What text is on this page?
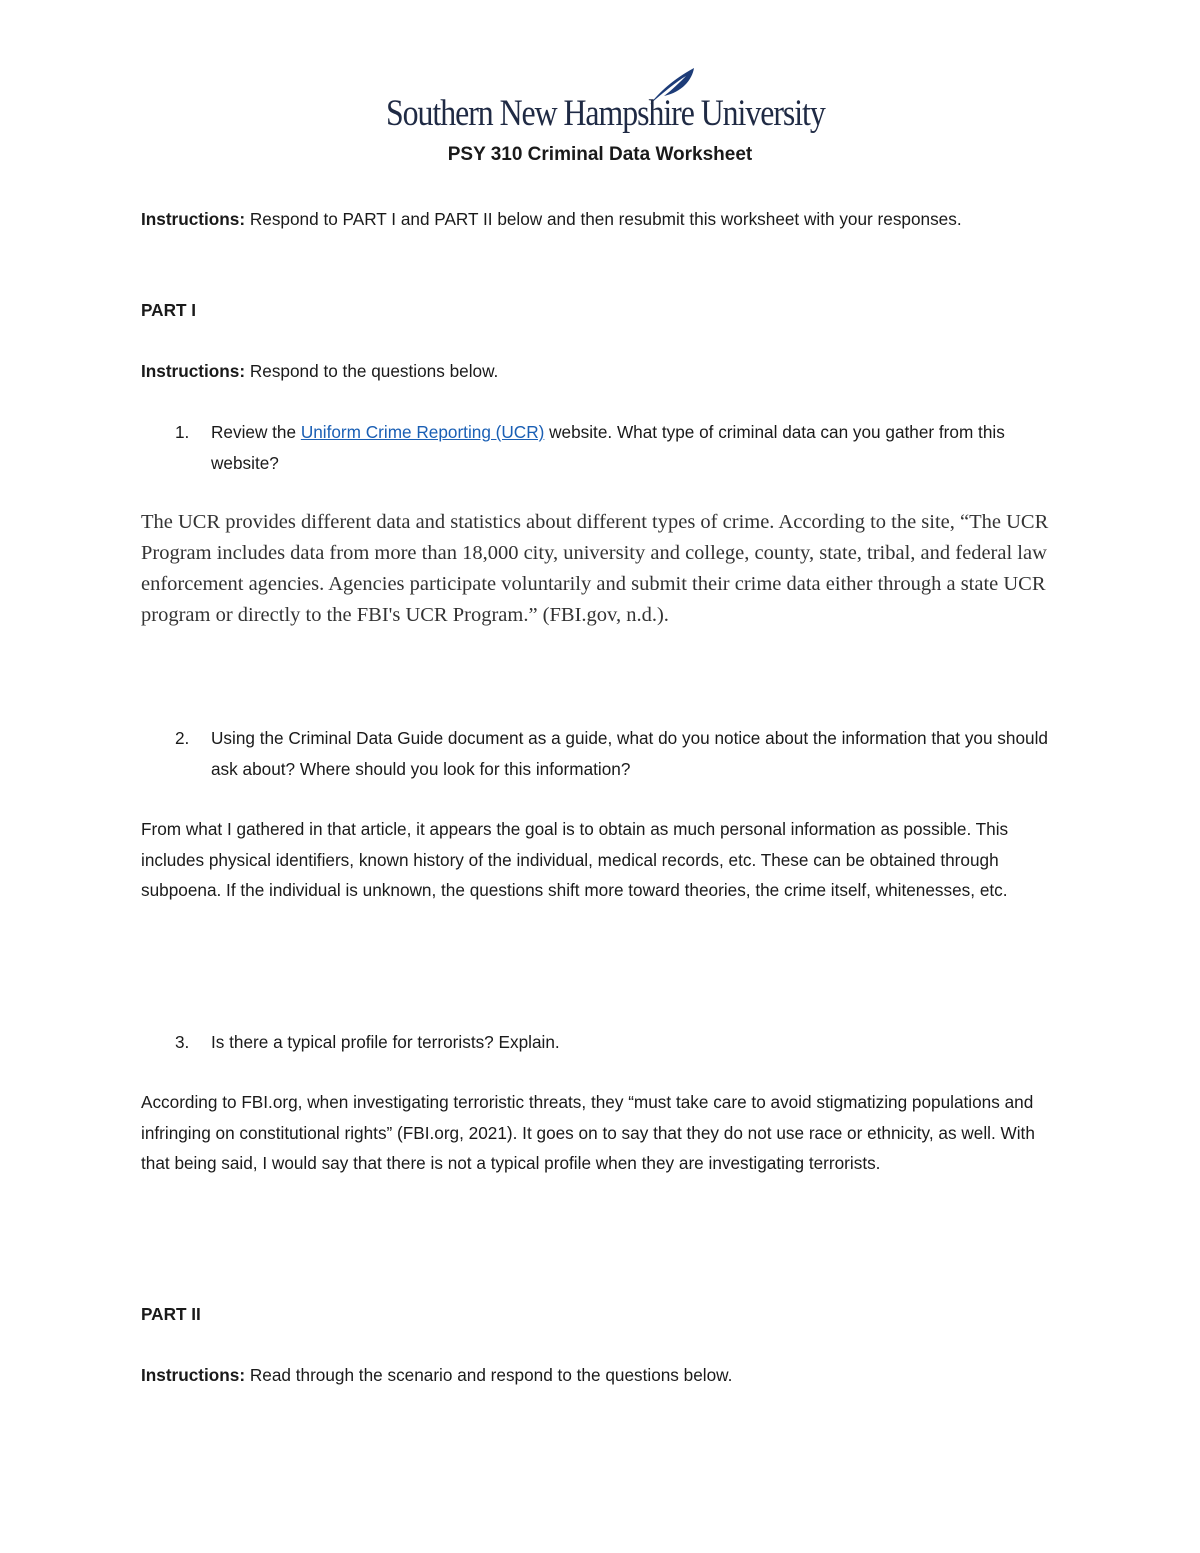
Southern New Hampshire University
PSY 310 Criminal Data Worksheet
Instructions: Respond to PART I and PART II below and then resubmit this worksheet with your responses.
PART I
Instructions: Respond to the questions below.
1. Review the Uniform Crime Reporting (UCR) website. What type of criminal data can you gather from this website?
The UCR provides different data and statistics about different types of crime. According to the site, “The UCR Program includes data from more than 18,000 city, university and college, county, state, tribal, and federal law enforcement agencies. Agencies participate voluntarily and submit their crime data either through a state UCR program or directly to the FBI's UCR Program.” (FBI.gov, n.d.).
2. Using the Criminal Data Guide document as a guide, what do you notice about the information that you should ask about? Where should you look for this information?
From what I gathered in that article, it appears the goal is to obtain as much personal information as possible. This includes physical identifiers, known history of the individual, medical records, etc. These can be obtained through subpoena. If the individual is unknown, the questions shift more toward theories, the crime itself, whitenesses, etc.
3. Is there a typical profile for terrorists? Explain.
According to FBI.org, when investigating terroristic threats, they “must take care to avoid stigmatizing populations and infringing on constitutional rights” (FBI.org, 2021). It goes on to say that they do not use race or ethnicity, as well. With that being said, I would say that there is not a typical profile when they are investigating terrorists.
PART II
Instructions: Read through the scenario and respond to the questions below.
